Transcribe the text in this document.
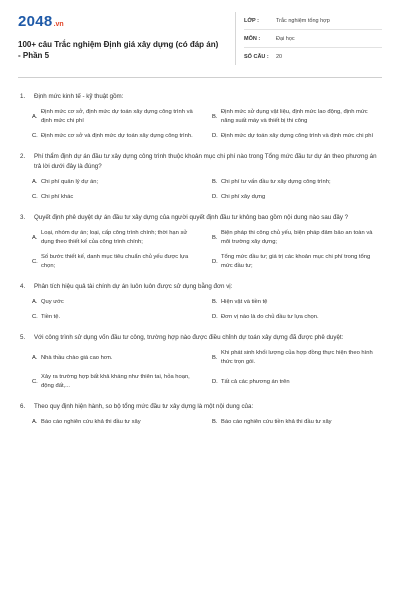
2048 .vn
100+ câu Trắc nghiệm Định giá xây dựng (có đáp án) - Phần 5
LỚP :	Trắc nghiệm tổng hợp
MÔN :	Đại học
SỐ CÂU :	20
1.	Định mức kinh tế - kỹ thuật gồm:
A.
Định mức cơ sở, định mức dự toán xây dựng công trình và định mức chi phí
B.
Định mức sử dụng vật liệu, định mức lao động, định mức năng suất máy và thiết bị thi công
C. Định mức cơ sở và định mức dự toán xây dựng công trình.	D. Định mức dự toán xây dựng công trình và định mức chi phí
2.	Phí thẩm định dự án đầu tư xây dựng công trình thuộc khoản mục chi phí nào trong Tổng mức đầu tư dự án theo phương án trả lời dưới đây là đúng?
A. Chi phí quản lý dự án;	B. Chi phí tư vấn đầu tư xây dựng công trình;
C. Chi phí khác	D. Chi phí xây dựng
3.	Quyết định phê duyệt dự án đầu tư xây dựng của người quyết định đầu tư không bao gồm nội dung nào sau đây ?
A.
Loại, nhóm dự án; loại, cấp công trình chính; thời hạn sử dụng theo thiết kế của công trình chính;
B.
Biện pháp thi công chủ yếu, biện pháp đảm bảo an toàn và môi trường xây dựng;
C.
Số bước thiết kế, danh mục tiêu chuẩn chủ yếu được lựa chọn;
D.
Tổng mức đầu tư; giá trị các khoản mục chi phí trong tổng mức đầu tư;
4.	Phân tích hiệu quả tài chính dự án luôn luôn được sử dụng bằng đơn vị:
A. Quy ước	B. Hiện vật và tiền tệ
C. Tiền tệ.	D. Đơn vị nào là do chủ đầu tư lựa chọn.
5.	Với công trình sử dụng vốn đầu tư công, trường hợp nào được điều chỉnh dự toán xây dựng đã được phê duyệt:
A. Nhà thầu chào giá cao hơn.	B.
Khi phát sinh khối lượng của hợp đồng thực hiện theo hình thức trọn gói.
C.
Xảy ra trường hợp bất khả kháng như thiên tai, hỏa hoạn, động đất,...
D. Tất cả các phương án trên
6.	Theo quy định hiện hành, so bộ tổng mức đầu tư xây dựng là một nội dung của:
A. Báo cáo nghiên cứu khả thi đầu tư xây	B. Báo cáo nghiên cứu tiền khả thi đầu tư xây
